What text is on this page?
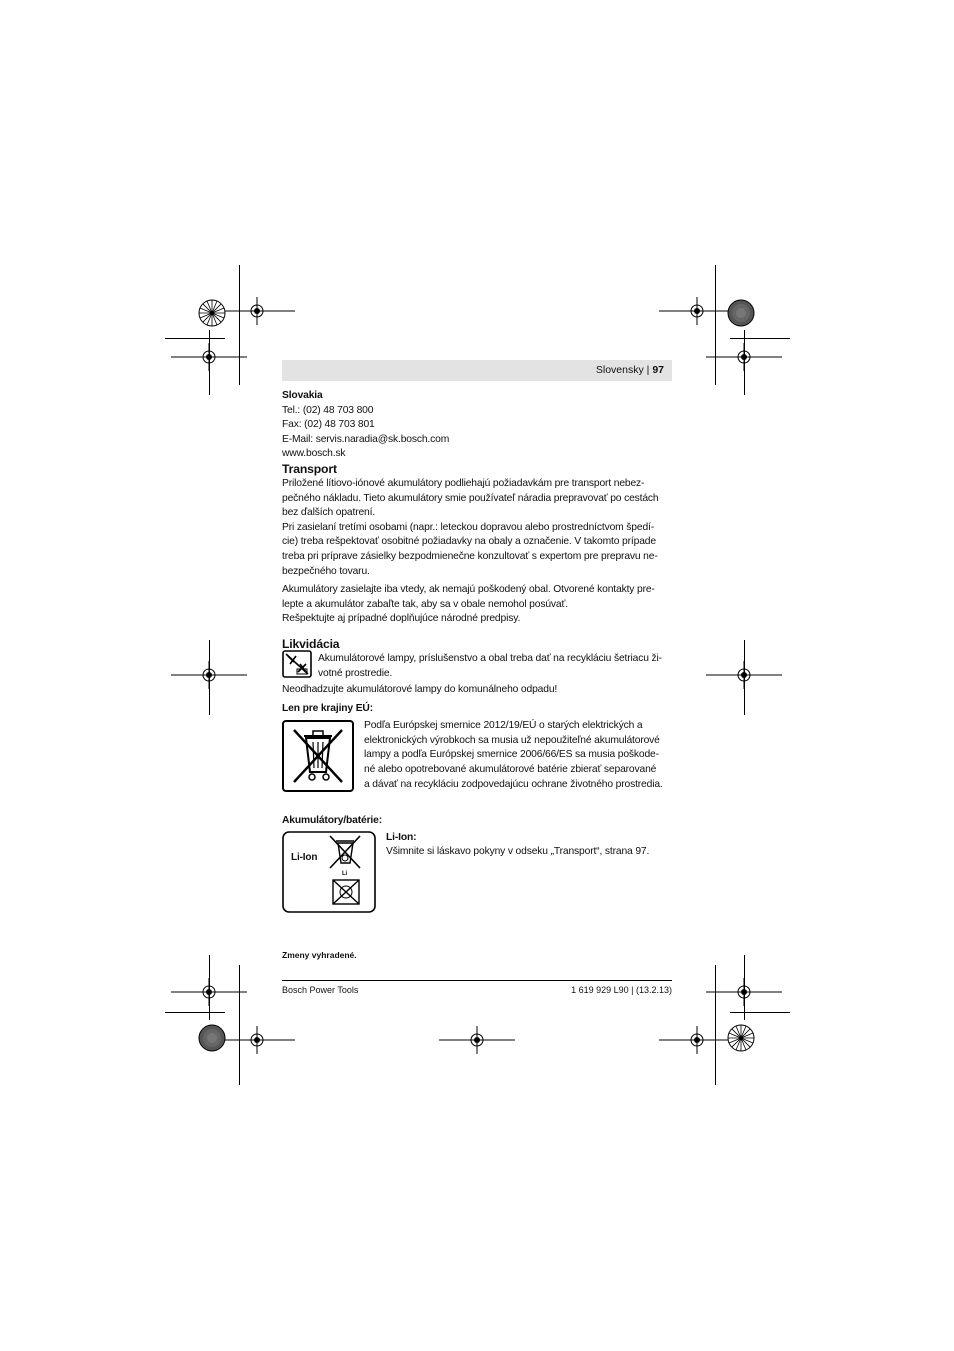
Slovensky | 97

Slovakia

Tel.: (02) 48 703 800

Fax: (02) 48 703 801

E-Mail: servis.naradia@sk.bosch.com

www.bosch.sk

Transport

Priložené lítiovo-iónové akumulátory podliehajú požiadavkám pre transport nebez-

pečného nákladu. Tieto akumulátory smie používateľ náradia prepravovať po cestách

bez ďalších opatrení.

Pri zasielaní tretími osobami (napr.: leteckou dopravou alebo prostredníctvom špedí-

cie) treba rešpektovať osobitné požiadavky na obaly a označenie. V takomto prípade

treba pri príprave zásielky bezpodmienečne konzultovať s expertom pre prepravu ne-

bezpečného tovaru.

Akumulátory zasielajte iba vtedy, ak nemajú poškodený obal. Otvorené kontakty pre-

lepte a akumulátor zabaľte tak, aby sa v obale nemohol posúvať.

Rešpektujte aj prípadné doplňujúce národné predpisy.

Likvidácia

Akumulátorové lampy, príslušenstvo a obal treba dať na recykláciu šetriacu ži-

votné prostredie.

Neodhadzujte akumulátorové lampy do komunálneho odpadu!

Len pre krajiny EÚ:

Podľa Európskej smernice 2012/19/EÚ o starých elektrických a

elektronických výrobkoch sa musia už nepoužiteľné akumulátorové

lampy a podľa Európskej smernice 2006/66/ES sa musia poškode-

né alebo opotrebované akumulátorové batérie zbierať separované

a dávať na recykláciu zodpovedajúcu ochrane životného prostredia.

Akumulátory/batérie:

Li-Ion
Li

Li-Ion:

Všimnite si láskavo pokyny v odseku „Transport“, strana 97.

Zmeny vyhradené.
Bosch Power Tools	1 619 929 L90 | (13.2.13)
